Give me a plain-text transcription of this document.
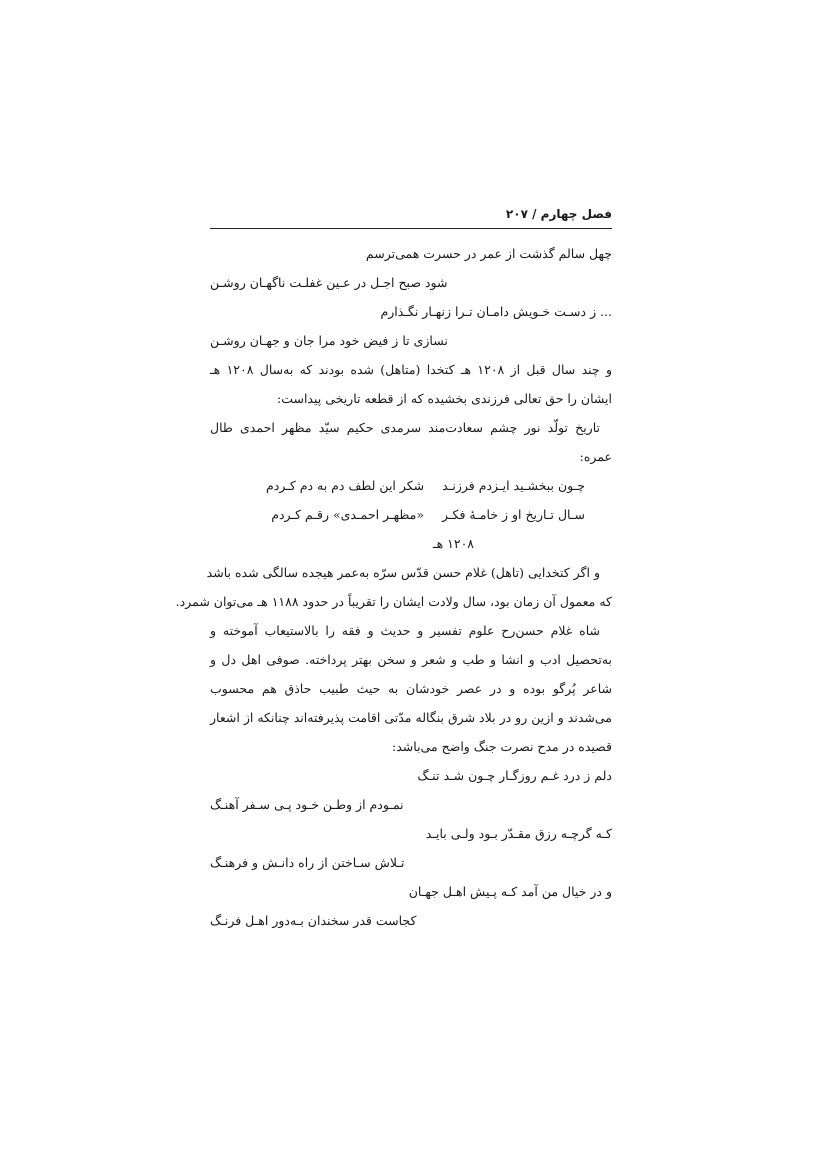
فصل چهارم / ۲۰۷
چهل سالم گذشت از عمر در حسرت همی‌ترسم
شود صبح اجـل در عـین غفلـت ناگهـان روشـن
... ز دسـت خـویش دامـان تـرا زنهـار نگـذارم
نسازی تا ز فیض خود مرا جان و جهـان روشـن
و چند سال قبل از ۱۲۰۸ هـ کتخدا (متاهل) شده بودند که به‌سال ۱۲۰۸ هـ
ایشان را حق تعالی فرزندی بخشیده که از قطعه تاریخی پیداست:
تاریخ تولّد نور چشم سعادت‌مند سرمدی حکیم سیّد مظهر احمدی طال
عمره:
چـون ببخشـید ایـزدم فرزنـد
شکر این لطف دم به دم کـردم
سـال تـاریخ او ز خامـهٔ فکـر
«مظهـر احمـدی» رقـم کـردم
۱۲۰۸ هـ
و اگر کتخدایی (تاهل) غلام حسن قدّس سرّه به‌عمر هیجده سالگی شده باشد
که معمول آن زمان بود، سال ولادت ایشان را تقریباً در حدود ۱۱۸۸ هـ می‌توان شمرد.
شاه غلام حسن‌رح علوم تفسیر و حدیث و فقه را بالاستیعاب آموخته و
به‌تحصیل ادب و انشا و طب و شعر و سخن بهتر پرداخته. صوفی اهل دل و
شاعر پُرگو بوده و در عصر خودشان به حیث طبیب حاذق هم محسوب
می‌شدند و ازین رو در بلاد شرق بنگاله مدّتی اقامت پذیرفته‌اند چنانکه از اشعار
قصیده در مدح نصرت جنگ واضح می‌باشد:
دلم ز درد غـم روزگـار چـون شـد تنـگ
نمـودم از وطـن خـود پـی سـفر آهنـگ
کـه گرچـه رزق مقـدّر بـود ولـی بایـد
تـلاش سـاختن از راه دانـش و فرهنـگ
و در خیال من آمد کـه پـیش اهـل جهـان
کجاست قدر سخندان بـه‌دور اهـل فرنـگ
